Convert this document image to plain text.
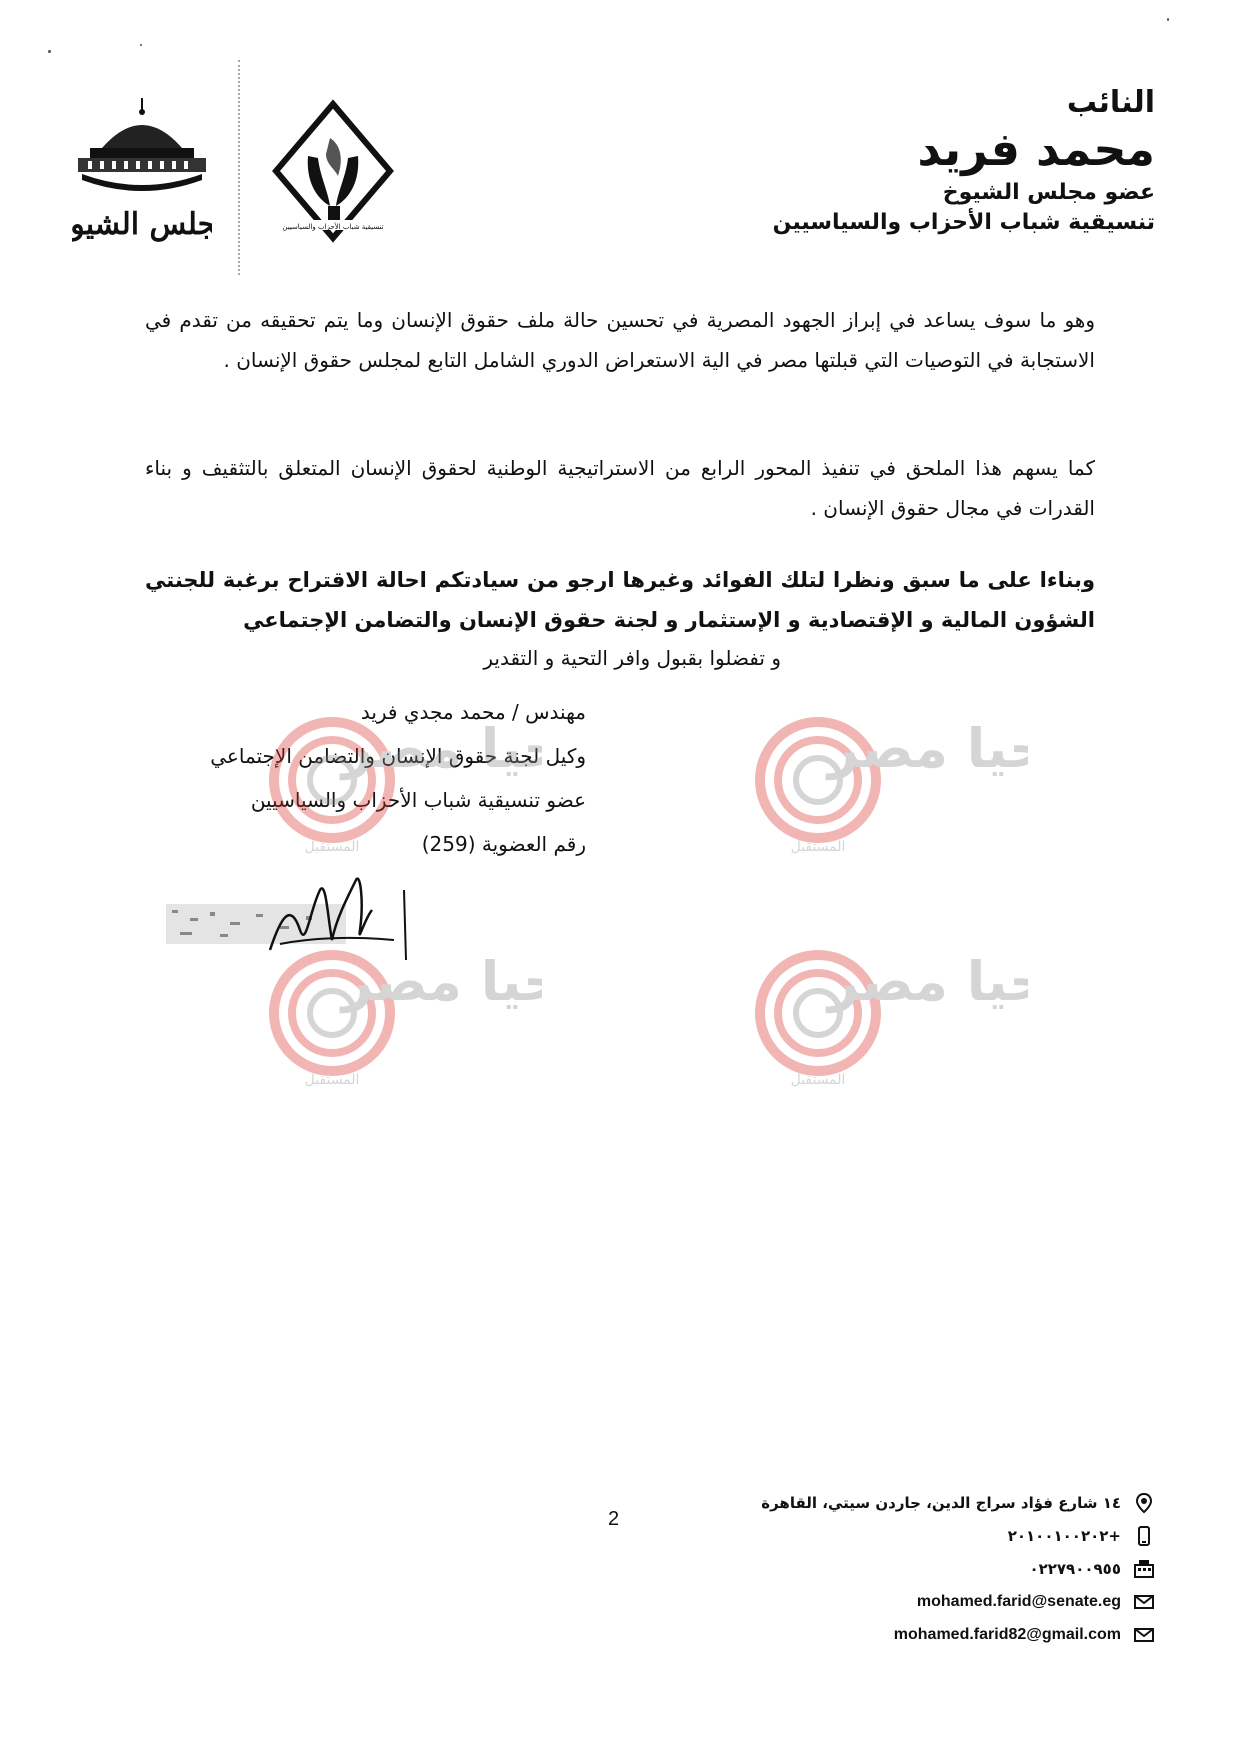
النائب
محمد فريد
عضو مجلس الشيوخ
تنسيقية شباب الأحزاب والسياسيين
تنسيقية شباب الأحزاب والسياسيين
جلس الشيو

وهو ما سوف يساعد في إبراز الجهود المصرية في تحسين حالة ملف حقوق الإنسان وما يتم تحقيقه من تقدم في الاستجابة في التوصيات التي قبلتها مصر في الية الاستعراض الدوري الشامل التابع لمجلس حقوق الإنسان .

كما يسهم هذا الملحق في تنفيذ المحور الرابع من الاستراتيجية الوطنية لحقوق الإنسان المتعلق بالتثقيف و بناء القدرات في مجال حقوق الإنسان .

وبناءا على ما سبق ونظرا لتلك الفوائد وغيرها ارجو من سيادتكم احالة الاقتراح برغبة للجنتي الشؤون المالية و الإقتصادية و الإستثمار و لجنة حقوق الإنسان والتضامن الإجتماعي

و تفضلوا بقبول وافر التحية و التقدير
مهندس / محمد مجدي فريد
وكيل لجنة حقوق الإنسان والتضامن الإجتماعي
عضو تنسيقية شباب الأحزاب والسياسيين
رقم العضوية (259)
يا مصر
المستقبل
يا مصر
المستقبل
يا مصر
المستقبل
يا مصر
المستقبل
2
١٤ شارع فؤاد سراج الدين، جاردن سيتي، القاهرة
+٢٠١٠٠١٠٠٢٠٢
٠٢٢٧٩٠٠٩٥٥
mohamed.farid@senate.eg
mohamed.farid82@gmail.com
